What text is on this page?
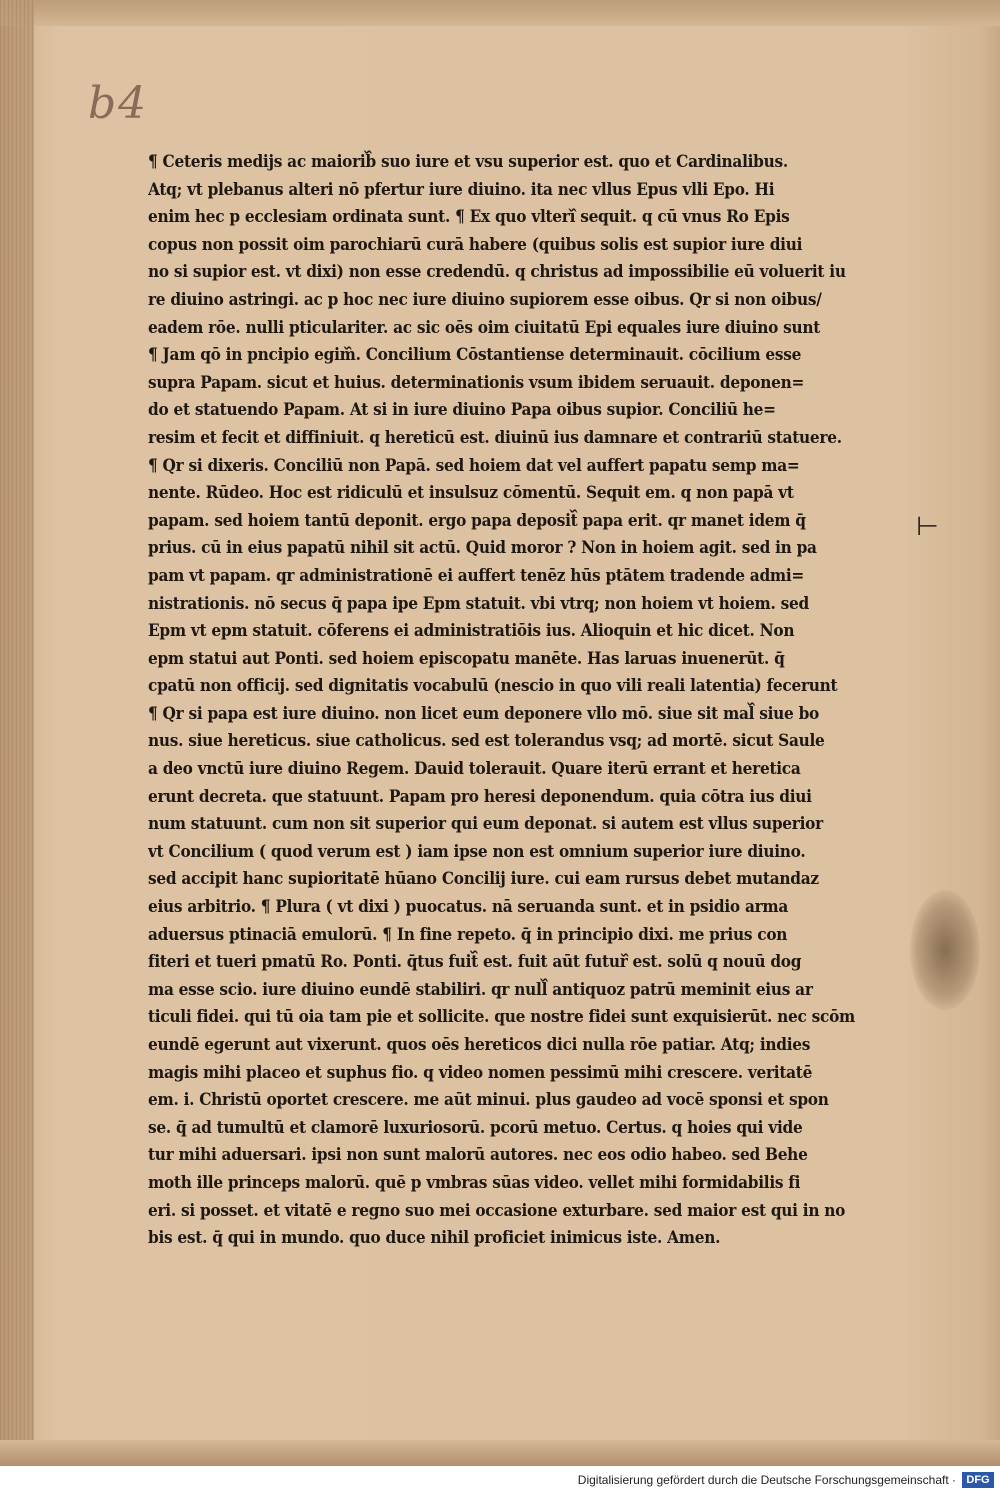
b4
⊢
¶ Ceteris medijs ac maiorib᷈ suo iure et vsu superior est. quo et Cardinalibus.
Atq; vt plebanus alteri nō pfertur iure diuino. ita nec vllus Epus vlli Epo. Hi
enim hec p ecclesiam ordinata sunt. ¶ Ex quo vlteri᷈ sequit. q cū vnus Ro Epis
copus non possit oim parochiarū curā habere (quibus solis est supior iure diui
no si supior est. vt dixi) non esse credendū. q christus ad impossibilie eū voluerit iu
re diuino astringi. ac p hoc nec iure diuino supiorem esse oibus. Qr si non oibus/
eadem rōe. nulli pticulariter. ac sic oēs oim ciuitatū Epi equales iure diuino sunt
¶ Jam qō in pncipio egim᷈. Concilium Cōstantiense determinauit. cōcilium esse
supra Papam. sicut et huius. determinationis vsum ibidem seruauit. deponen=
do et statuendo Papam. At si in iure diuino Papa oibus supior. Conciliū he=
resim et fecit et diffiniuit. q hereticū est. diuinū ius damnare et contrariū statuere.
¶ Qr si dixeris. Conciliū non Papā. sed hoiem dat vel auffert papatu semp ma=
nente. Rūdeo. Hoc est ridiculū et insulsuz cōmentū. Sequit em. q non papā vt
papam. sed hoiem tantū deponit. ergo papa deposit᷈ papa erit. qr manet idem q̄
prius. cū in eius papatū nihil sit actū. Quid moror ? Non in hoiem agit. sed in pa
pam vt papam. qr administrationē ei auffert tenēz hūs ptātem tradende admi=
nistrationis. nō secus q̄ papa ipe Epm statuit. vbi vtrq; non hoiem vt hoiem. sed
Epm vt epm statuit. cōferens ei administratiōis ius. Alioquin et hic dicet. Non
epm statui aut Ponti. sed hoiem episcopatu manēte. Has laruas inuenerūt. q̄
cpatū non officij. sed dignitatis vocabulū (nescio in quo vili reali latentia) fecerunt
¶ Qr si papa est iure diuino. non licet eum deponere vllo mō. siue sit mal᷈ siue bo
nus. siue hereticus. siue catholicus. sed est tolerandus vsq; ad mortē. sicut Saule
a deo vnctū iure diuino Regem. Dauid tolerauit. Quare iterū errant et heretica
erunt decreta. que statuunt. Papam pro heresi deponendum. quia cōtra ius diui
num statuunt. cum non sit superior qui eum deponat. si autem est vllus superior
vt Concilium ( quod verum est ) iam ipse non est omnium superior iure diuino.
sed accipit hanc supioritatē hūano Concilij iure. cui eam rursus debet mutandaz
eius arbitrio. ¶ Plura ( vt dixi ) puocatus. nā seruanda sunt. et in psidio arma
aduersus ptinaciā emulorū. ¶ In fine repeto. q̄ in principio dixi. me prius con
fiteri et tueri pmatū Ro. Ponti. q̄tus fuit᷈ est. fuit aūt futur᷈ est. solū q nouū dog
ma esse scio. iure diuino eundē stabiliri. qr null᷈ antiquoz patrū meminit eius ar
ticuli fidei. qui tū oia tam pie et sollicite. que nostre fidei sunt exquisierūt. nec scōm
eundē egerunt aut vixerunt. quos oēs hereticos dici nulla rōe patiar. Atq; indies
magis mihi placeo et suphus fio. q video nomen pessimū mihi crescere. veritatē
em. i. Christū oportet crescere. me aūt minui. plus gaudeo ad vocē sponsi et spon
se. q̄ ad tumultū et clamorē luxuriosorū. pcorū metuo. Certus. q hoies qui vide
tur mihi aduersari. ipsi non sunt malorū autores. nec eos odio habeo. sed Behe
moth ille princeps malorū. quē p vmbras sūas video. vellet mihi formidabilis fi
eri. si posset. et vitatē e regno suo mei occasione exturbare. sed maior est qui in no
bis est. q̄ qui in mundo. quo duce nihil proficiet inimicus iste. Amen.
Digitalisierung gefördert durch die Deutsche Forschungsgemeinschaft · DFG
